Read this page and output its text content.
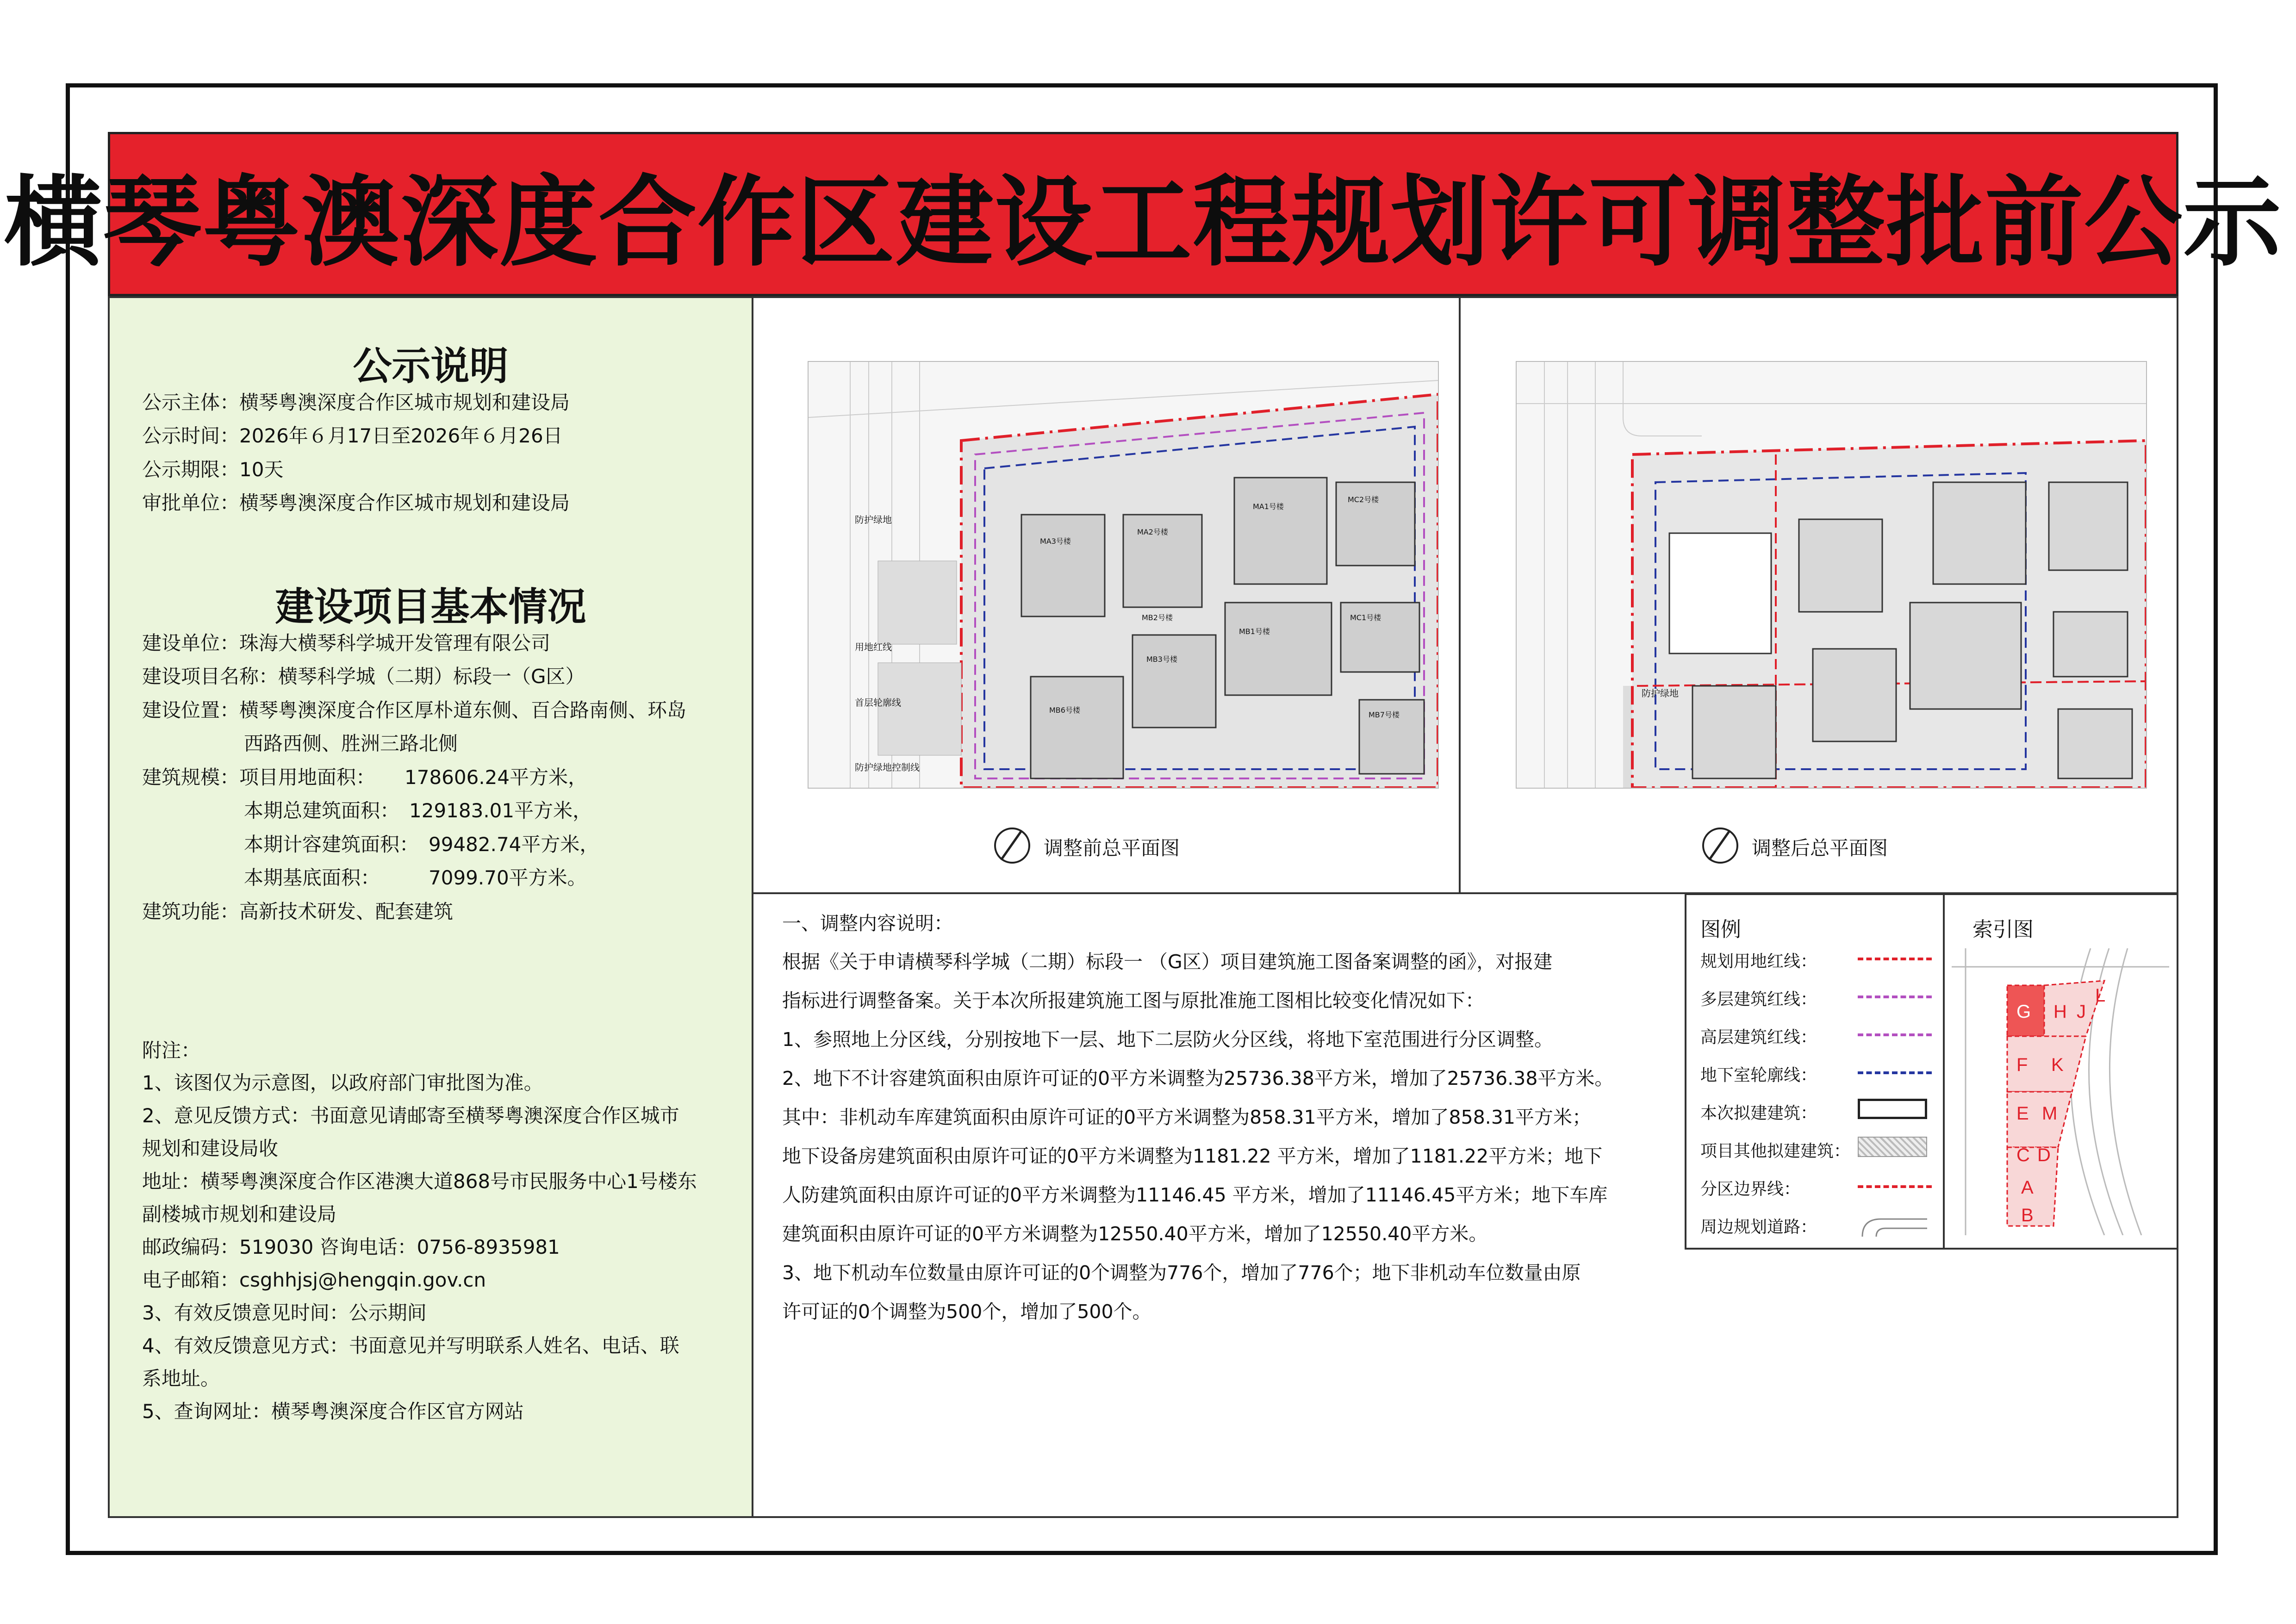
横琴粤澳深度合作区建设工程规划许可调整批前公示
公示说明
公示主体：横琴粤澳深度合作区城市规划和建设局
公示时间：2026年６月17日至2026年６月26日
公示期限：10天
审批单位：横琴粤澳深度合作区城市规划和建设局
建设项目基本情况
建设单位：珠海大横琴科学城开发管理有限公司
建设项目名称：横琴科学城（二期）标段一（G区）
建设位置：横琴粤澳深度合作区厚朴道东侧、百合路南侧、环岛
西路西侧、胜洲三路北侧
建筑规模：项目用地面积：　　178606.24平方米，
本期总建筑面积：　129183.01平方米，
本期计容建筑面积：　99482.74平方米，
本期基底面积：　　　7099.70平方米。
建筑功能：高新技术研发、配套建筑
附注：
1、该图仅为示意图，以政府部门审批图为准。
2、意见反馈方式：书面意见请邮寄至横琴粤澳深度合作区城市
规划和建设局收
地址：横琴粤澳深度合作区港澳大道868号市民服务中心1号楼东
副楼城市规划和建设局
邮政编码：519030 咨询电话：0756-8935981
电子邮箱：csghhjsj@hengqin.gov.cn
3、有效反馈意见时间：公示期间
4、有效反馈意见方式：书面意见并写明联系人姓名、电话、联
系地址。
5、查询网址：横琴粤澳深度合作区官方网站
防护绿地
用地红线
首层轮廓线
防护绿地控制线
MA3号楼
MA2号楼
MA1号楼
MB1号楼
MB3号楼
MB6号楼
MC1号楼
MC2号楼
MB7号楼
MB2号楼
调整前总平面图
防护绿地
调整后总平面图
一、调整内容说明：
根据《关于申请横琴科学城（二期）标段一 （G区）项目建筑施工图备案调整的函》，对报建
指标进行调整备案。关于本次所报建筑施工图与原批准施工图相比较变化情况如下：
1、参照地上分区线，分别按地下一层、地下二层防火分区线，将地下室范围进行分区调整。
2、地下不计容建筑面积由原许可证的0平方米调整为25736.38平方米，增加了25736.38平方米。
其中：非机动车库建筑面积由原许可证的0平方米调整为858.31平方米，增加了858.31平方米；
地下设备房建筑面积由原许可证的0平方米调整为1181.22 平方米，增加了1181.22平方米；地下
人防建筑面积由原许可证的0平方米调整为11146.45 平方米，增加了11146.45平方米；地下车库
建筑面积由原许可证的0平方米调整为12550.40平方米，增加了12550.40平方米。
3、地下机动车位数量由原许可证的0个调整为776个，增加了776个；地下非机动车位数量由原
许可证的0个调整为500个，增加了500个。
图例
规划用地红线：
多层建筑红线：
高层建筑红线：
地下室轮廓线：
本次拟建建筑：
项目其他拟建建筑：
分区边界线：
周边规划道路：
索引图
G H J
L
F K
E M
C D
A
B
